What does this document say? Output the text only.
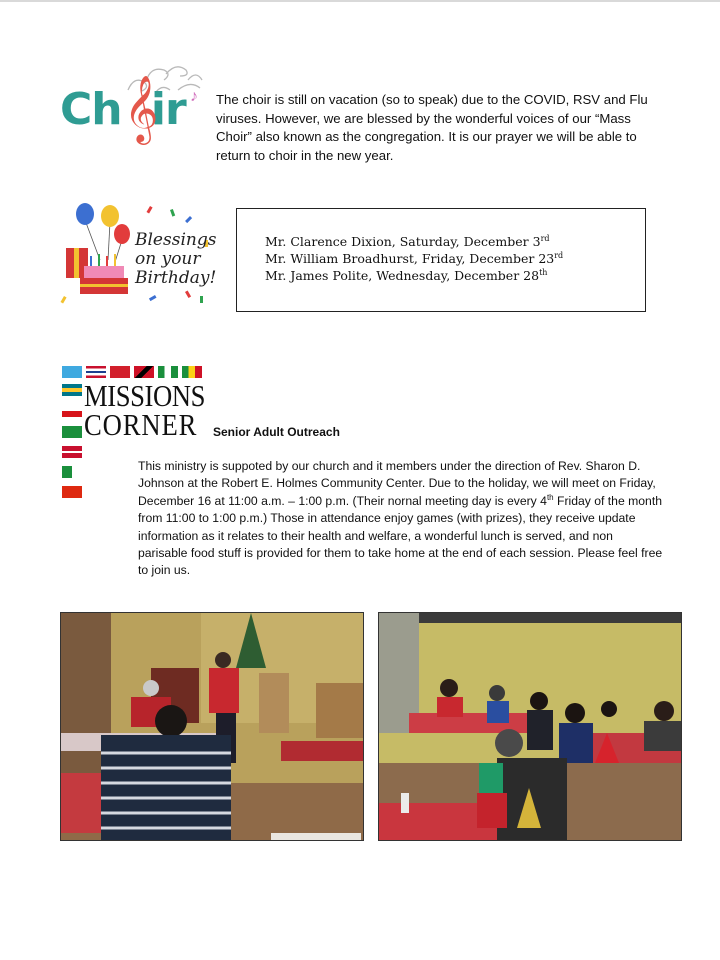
Ch ir
𝄞 ♪ The choir is still on vacation (so to speak) due to the COVID, RSV and Flu viruses. However, we are blessed by the wonderful voices of our “Mass Choir” also known as the congregation. It is our prayer we will be able to return to choir in the new year.
Blessings
on your
Birthday!
Mr. Clarence Dixion, Saturday, December 3rd
Mr. William Broadhurst, Friday, December 23rd
Mr. James Polite, Wednesday, December 28th
MISSIONS
CORNER Senior Adult Outreach
This ministry is suppoted by our church and it members under the direction of Rev. Sharon D. Johnson at the Robert E. Holmes Community Center. Due to the holiday, we will meet on Friday, December 16 at 11:00 a.m. – 1:00 p.m. (Their nornal meeting day is every 4th Friday of the month from 11:00 to 1:00 p.m.) Those in attendance enjoy games (with prizes), they receive update information as it relates to their health and welfare, a wonderful lunch is served, and non parisable food stuff is provided for them to take home at the end of each session. Please feel free to join us.
